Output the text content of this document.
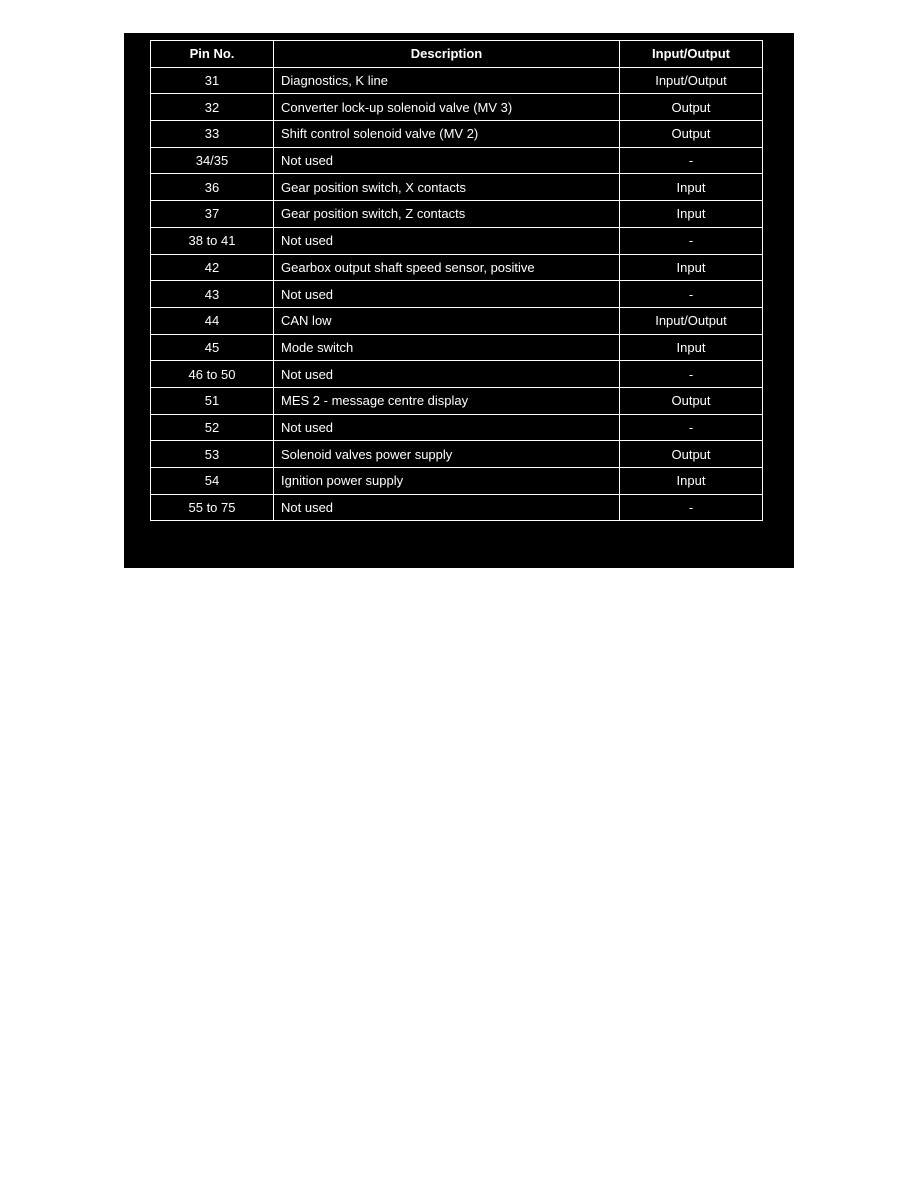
Pin No.	Description	Input/Output
31	Diagnostics, K line	Input/Output
32	Converter lock-up solenoid valve (MV 3)	Output
33	Shift control solenoid valve (MV 2)	Output
34/35	Not used	-
36	Gear position switch, X contacts	Input
37	Gear position switch, Z contacts	Input
38 to 41	Not used	-
42	Gearbox output shaft speed sensor, positive	Input
43	Not used	-
44	CAN low	Input/Output
45	Mode switch	Input
46 to 50	Not used	-
51	MES 2 - message centre display	Output
52	Not used	-
53	Solenoid valves power supply	Output
54	Ignition power supply	Input
55 to 75	Not used	-
